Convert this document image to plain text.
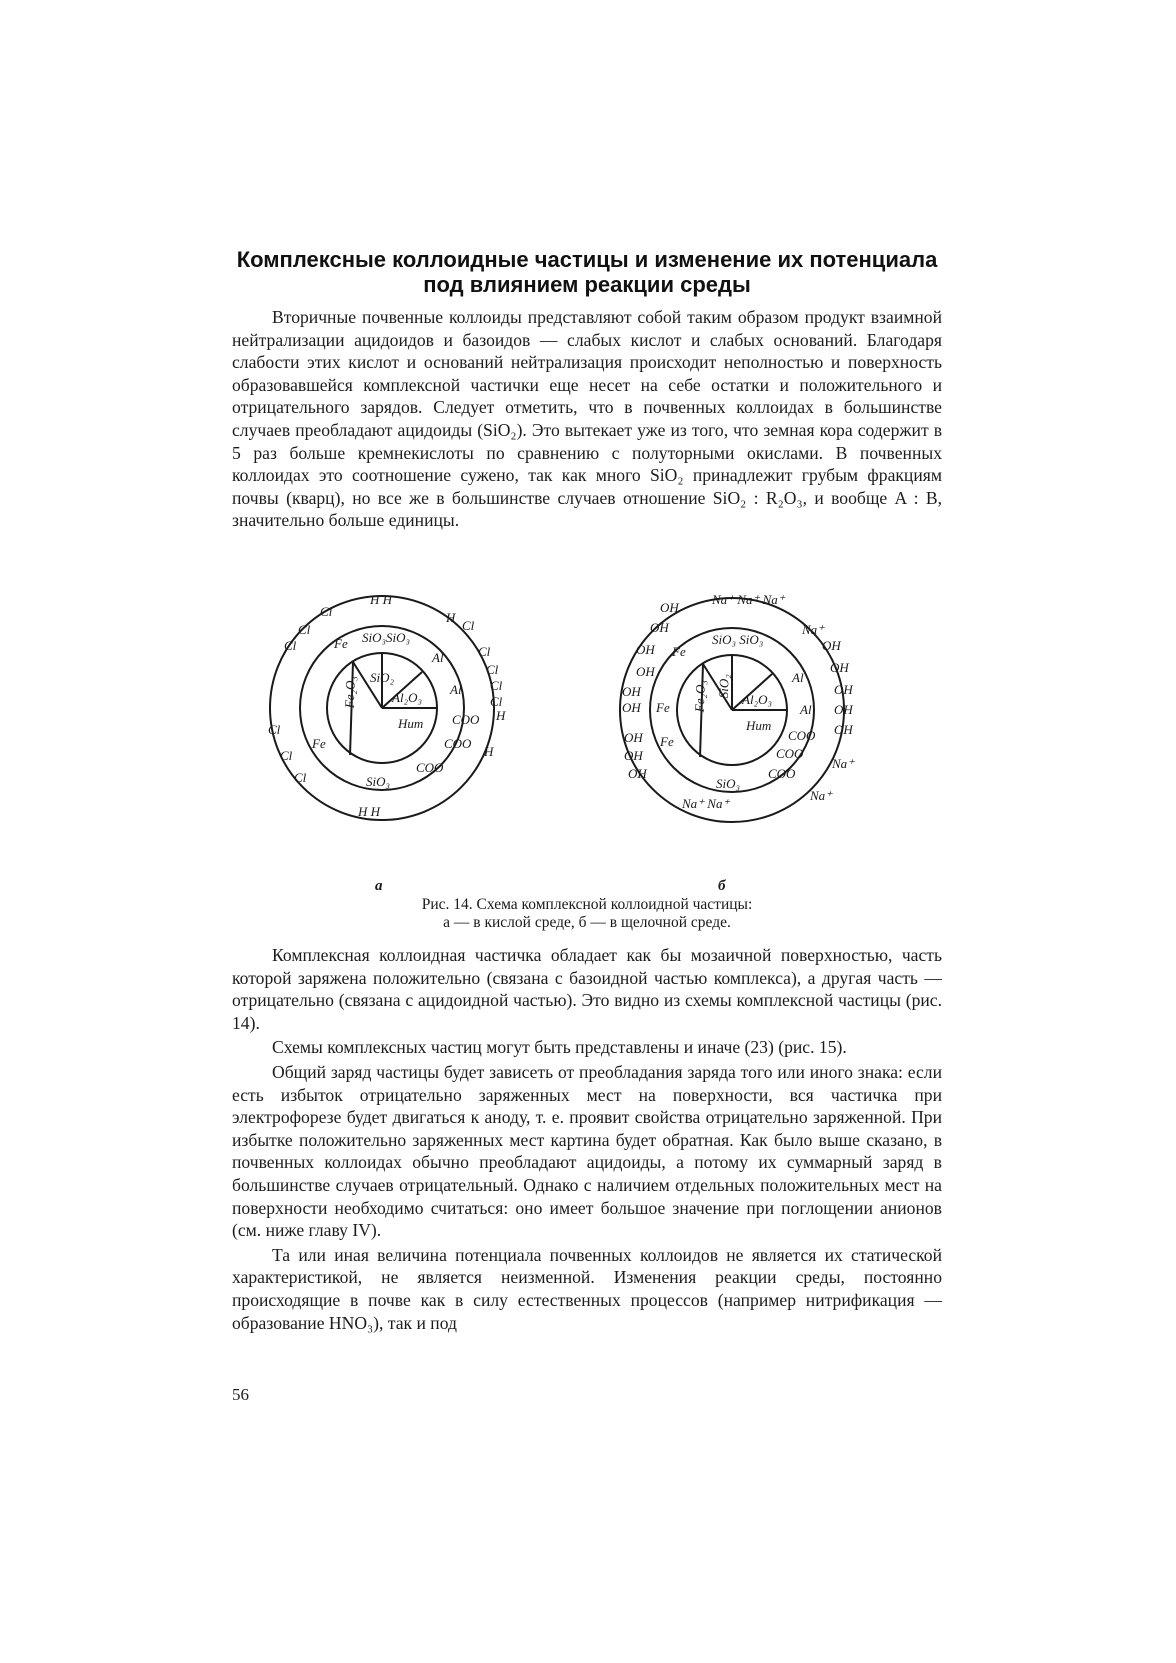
Комплексные коллоидные частицы и изменение их потенциала
под влиянием реакции среды

Вторичные почвенные коллоиды представляют собой таким образом продукт взаимной нейтрализации ацидоидов и базоидов — слабых кислот и слабых оснований. Благодаря слабости этих кислот и оснований нейтрализация происходит неполностью и поверхность образовавшейся комплексной частички еще несет на себе остатки и положительного и отрицательного зарядов. Следует отметить, что в почвенных коллоидах в большинстве случаев преобладают ацидоиды (SiO₂). Это вытекает уже из того, что земная кора содержит в 5 раз больше кремнекислоты по сравнению с полуторными окислами. В почвенных коллоидах это соотношение сужено, так как много SiO₂ принадлежит грубым фракциям почвы (кварц), но все же в большинстве случаев отношение SiO₂ : R₂O₃, и вообще A : B, значительно больше единицы.

SiO₂
Fe₂O₃	Al₂O₃
Hum
SiO₃SiO₃
Fe
Al
Al
COO
COO
COO
Fe
SiO₃
H H
H
H H
H
H
Cl
Cl
Cl
Cl
Cl
Cl
Cl
Cl
Cl
Cl
Cl
SiO₂
Fe₂O₃	Al₂O₃
Hum
SiO₃ SiO₃
Fe
Al
Al
Fe
Fe	COO
COO
COO
SiO₃
Na⁺ Na⁺ Na⁺
Na⁺
Na⁺ Na⁺
Na⁺
Na⁺
OH
OH
OH
OH
OH
OH
OH
OH
OH
OH
OH
OH
OH
OH
а	б
Рис. 14. Схема комплексной коллоидной частицы:
а — в кислой среде, б — в щелочной среде.

Комплексная коллоидная частичка обладает как бы мозаичной поверхностью, часть которой заряжена положительно (связана с базоидной частью комплекса), а другая часть — отрицательно (связана с ацидоидной частью). Это видно из схемы комплексной частицы (рис. 14).

Схемы комплексных частиц могут быть представлены и иначе (23) (рис. 15).

Общий заряд частицы будет зависеть от преобладания заряда того или иного знака: если есть избыток отрицательно заряженных мест на поверхности, вся частичка при электрофорезе будет двигаться к аноду, т. е. проявит свойства отрицательно заряженной. При избытке положительно заряженных мест картина будет обратная. Как было выше сказано, в почвенных коллоидах обычно преобладают ацидоиды, а потому их суммарный заряд в большинстве случаев отрицательный. Однако с наличием отдельных положительных мест на поверхности необходимо считаться: оно имеет большое значение при поглощении анионов (см. ниже главу IV).

Та или иная величина потенциала почвенных коллоидов не является их статической характеристикой, не является неизменной. Изменения реакции среды, постоянно происходящие в почве как в силу естественных процессов (например нитрификация — образование HNO₃), так и под

56
